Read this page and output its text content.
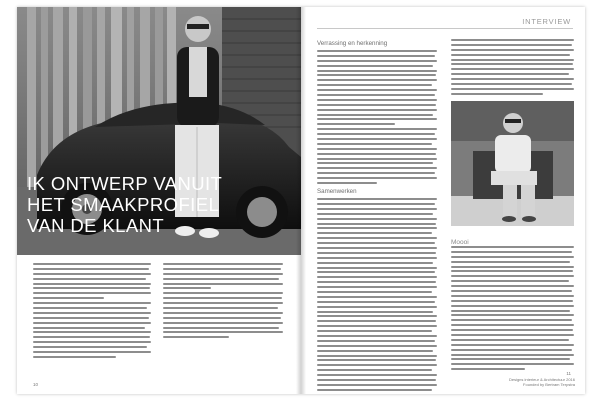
IK ONTWERP VANUIT
HET SMAAKPROFIEL
VAN DE KLANT
10
INTERVIEW
Verrassing en herkenning
Samenwerken
Moooi
11
Designs interieur & Architectuur 2016
Founded by Bertram Terpstra
